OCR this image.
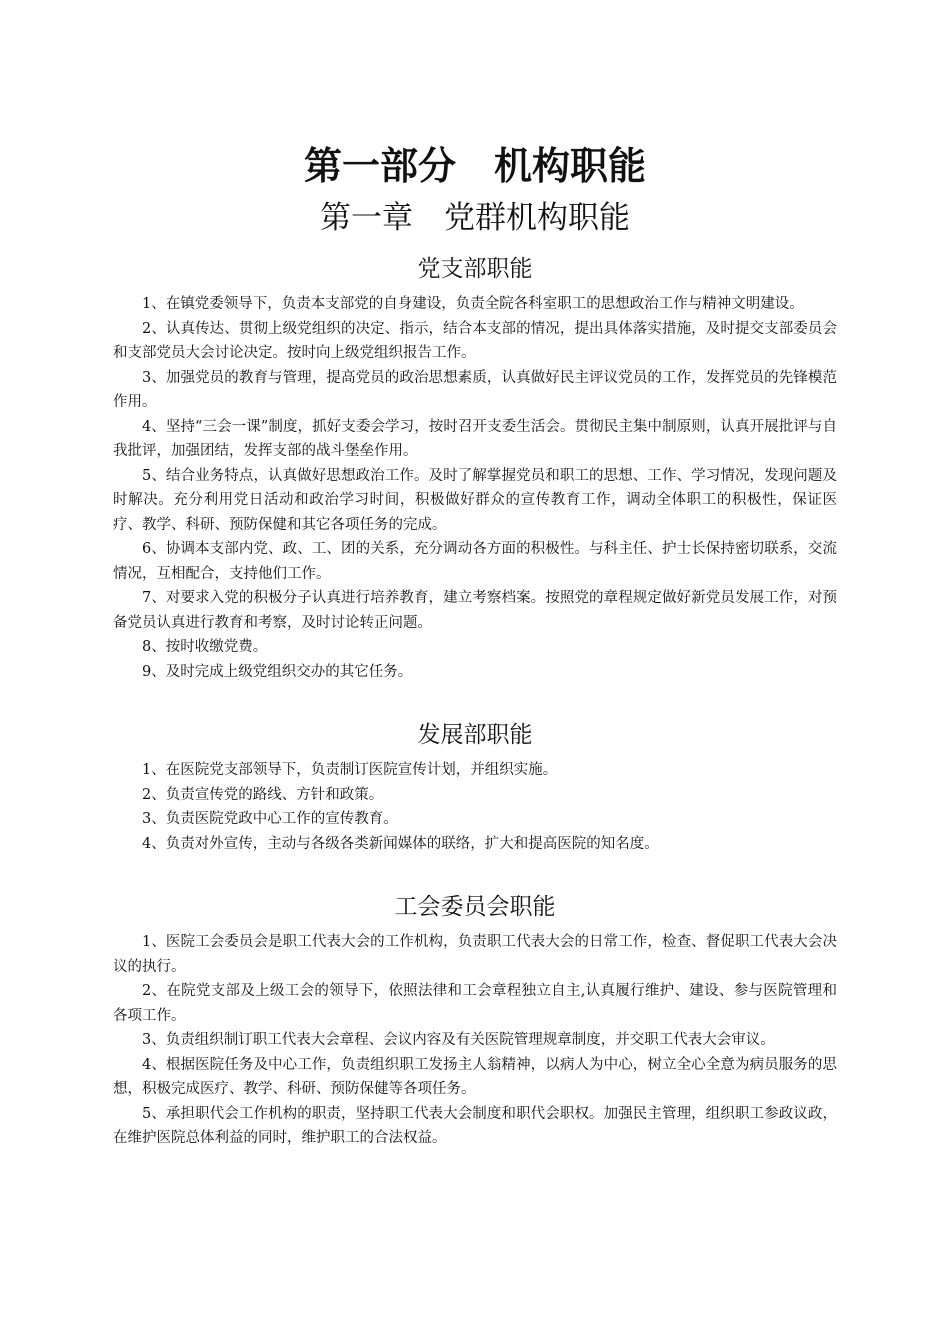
第一部分　机构职能
第一章　党群机构职能
党支部职能

1、在镇党委领导下，负责本支部党的自身建设，负责全院各科室职工的思想政治工作与精神文明建设。

2、认真传达、贯彻上级党组织的决定、指示，结合本支部的情况，提出具体落实措施，及时提交支部委员会和支部党员大会讨论决定。按时向上级党组织报告工作。

3、加强党员的教育与管理，提高党员的政治思想素质，认真做好民主评议党员的工作，发挥党员的先锋模范作用。

4、坚持“三会一课”制度，抓好支委会学习，按时召开支委生活会。贯彻民主集中制原则，认真开展批评与自我批评，加强团结，发挥支部的战斗堡垒作用。

5、结合业务特点，认真做好思想政治工作。及时了解掌握党员和职工的思想、工作、学习情况，发现问题及时解决。充分利用党日活动和政治学习时间，积极做好群众的宣传教育工作，调动全体职工的积极性，保证医疗、教学、科研、预防保健和其它各项任务的完成。

6、协调本支部内党、政、工、团的关系，充分调动各方面的积极性。与科主任、护士长保持密切联系，交流情况，互相配合，支持他们工作。

7、对要求入党的积极分子认真进行培养教育，建立考察档案。按照党的章程规定做好新党员发展工作，对预备党员认真进行教育和考察，及时讨论转正问题。

8、按时收缴党费。

9、及时完成上级党组织交办的其它任务。

发展部职能

1、在医院党支部领导下，负责制订医院宣传计划，并组织实施。

2、负责宣传党的路线、方针和政策。

3、负责医院党政中心工作的宣传教育。

4、负责对外宣传，主动与各级各类新闻媒体的联络，扩大和提高医院的知名度。

工会委员会职能

1、医院工会委员会是职工代表大会的工作机构，负责职工代表大会的日常工作，检查、督促职工代表大会决议的执行。

2、在院党支部及上级工会的领导下，依照法律和工会章程独立自主,认真履行维护、建设、参与医院管理和各项工作。

3、负责组织制订职工代表大会章程、会议内容及有关医院管理规章制度，并交职工代表大会审议。

4、根据医院任务及中心工作，负责组织职工发扬主人翁精神，以病人为中心，树立全心全意为病员服务的思想，积极完成医疗、教学、科研、预防保健等各项任务。

5、承担职代会工作机构的职责，坚持职工代表大会制度和职代会职权。加强民主管理，组织职工参政议政，在维护医院总体利益的同时，维护职工的合法权益。
